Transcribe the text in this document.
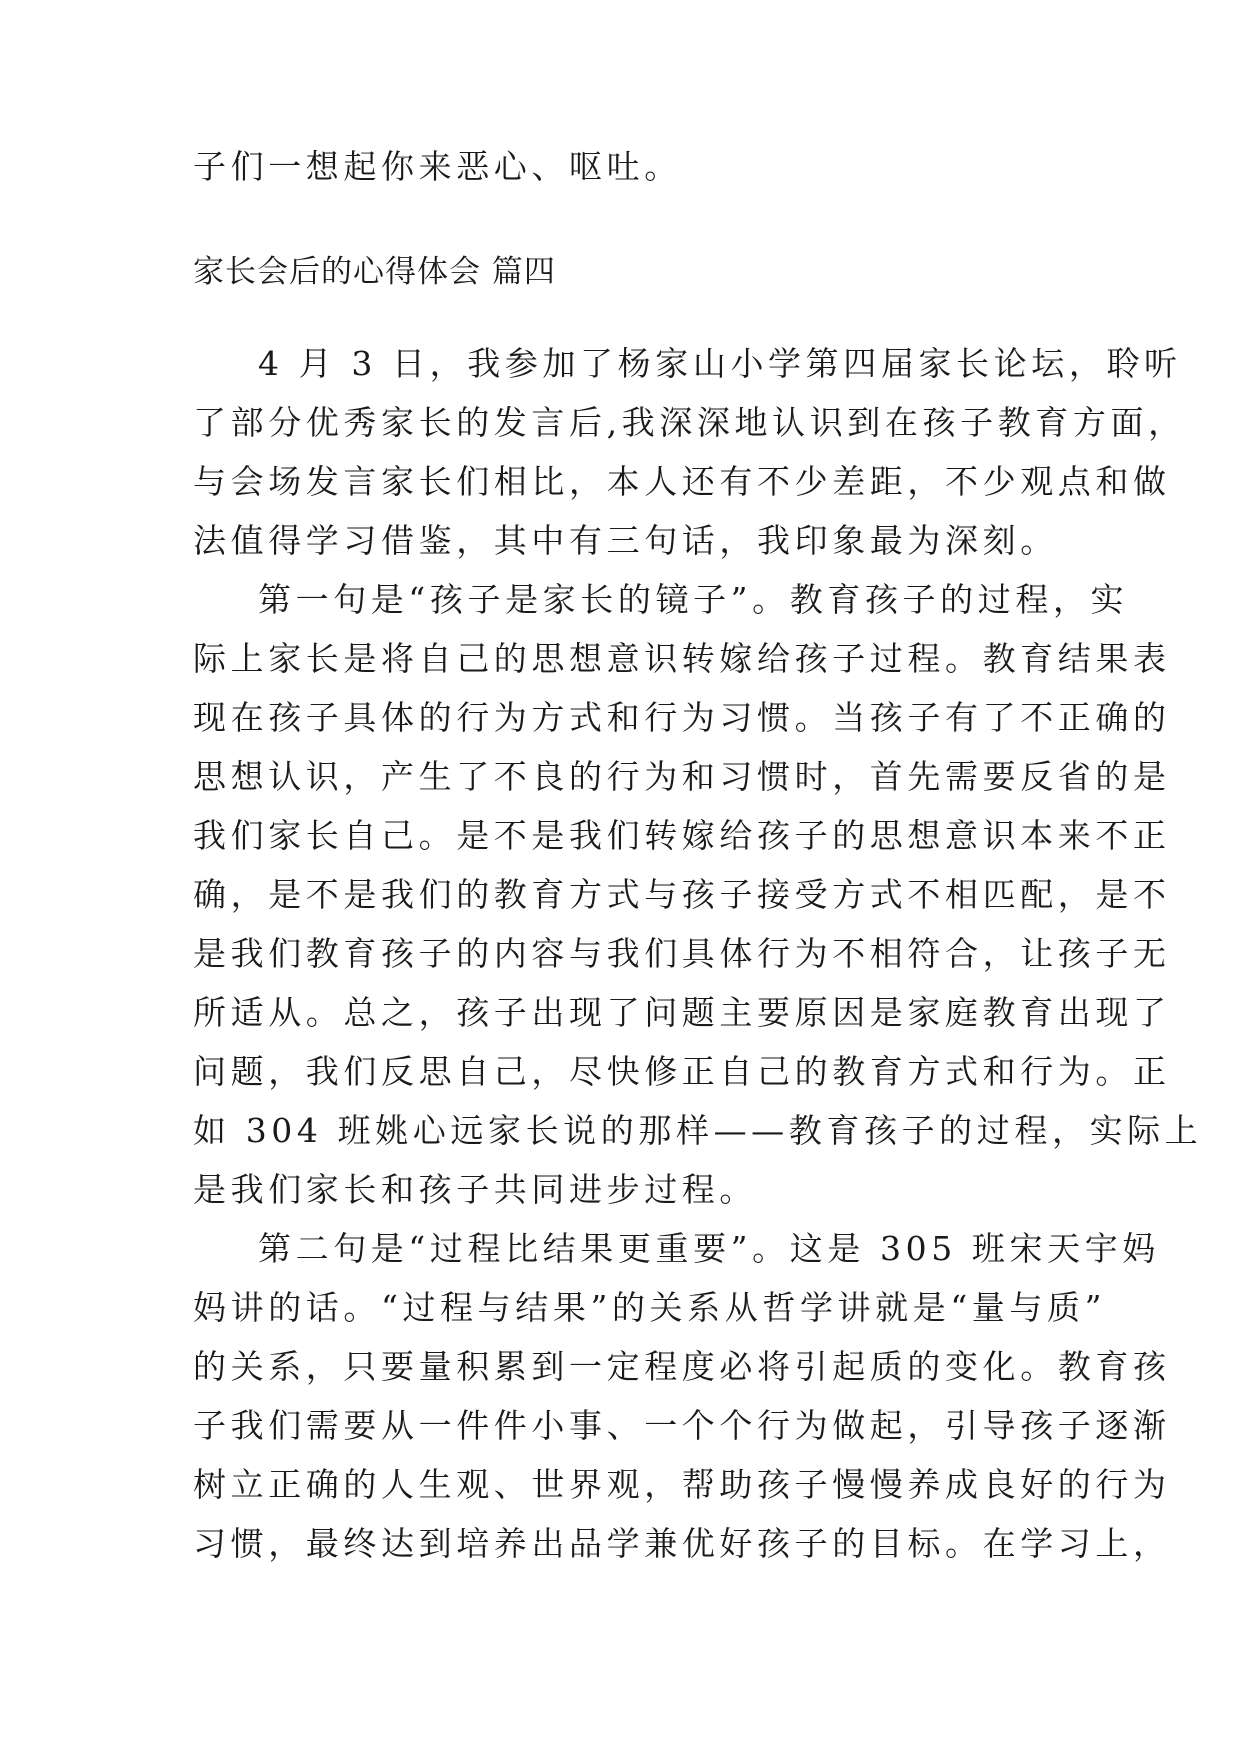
子们一想起你来恶心、呕吐。
家长会后的心得体会 篇四
4 月 3 日，我参加了杨家山小学第四届家长论坛，聆听
了部分优秀家长的发言后,我深深地认识到在孩子教育方面，
与会场发言家长们相比，本人还有不少差距，不少观点和做
法值得学习借鉴，其中有三句话，我印象最为深刻。
第一句是“孩子是家长的镜子”。教育孩子的过程，实
际上家长是将自己的思想意识转嫁给孩子过程。教育结果表
现在孩子具体的行为方式和行为习惯。当孩子有了不正确的
思想认识，产生了不良的行为和习惯时，首先需要反省的是
我们家长自己。是不是我们转嫁给孩子的思想意识本来不正
确，是不是我们的教育方式与孩子接受方式不相匹配，是不
是我们教育孩子的内容与我们具体行为不相符合，让孩子无
所适从。总之，孩子出现了问题主要原因是家庭教育出现了
问题，我们反思自己，尽快修正自己的教育方式和行为。正
如 304 班姚心远家长说的那样——教育孩子的过程，实际上
是我们家长和孩子共同进步过程。
第二句是“过程比结果更重要”。这是 305 班宋天宇妈
妈讲的话。“过程与结果”的关系从哲学讲就是“量与质”
的关系，只要量积累到一定程度必将引起质的变化。教育孩
子我们需要从一件件小事、一个个行为做起，引导孩子逐渐
树立正确的人生观、世界观，帮助孩子慢慢养成良好的行为
习惯，最终达到培养出品学兼优好孩子的目标。在学习上，
